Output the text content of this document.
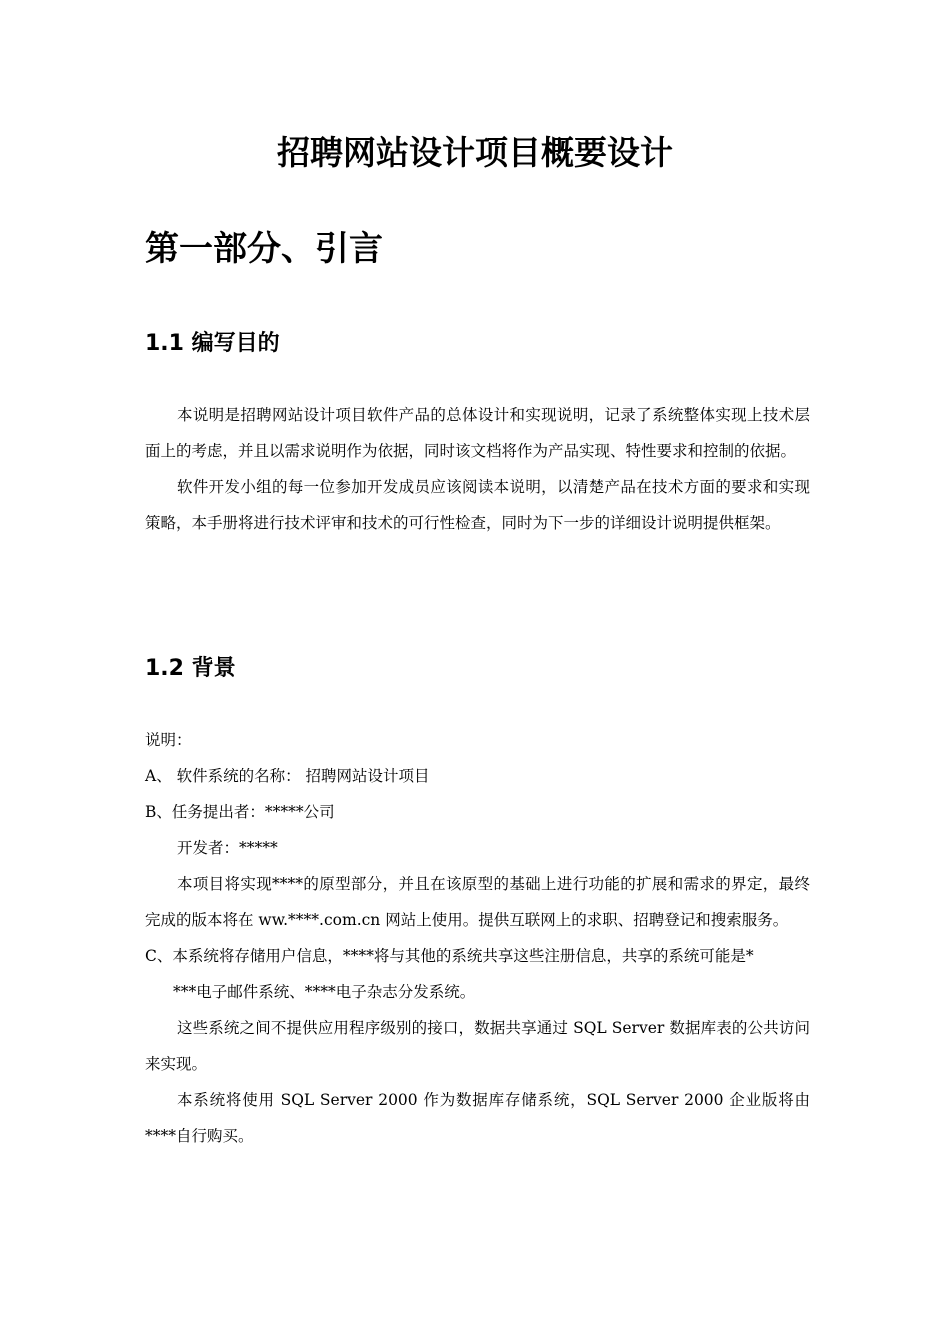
招聘网站设计项目概要设计
第一部分、引言
1.1 编写目的

本说明是招聘网站设计项目软件产品的总体设计和实现说明，记录了系统整体实现上技术层面上的考虑，并且以需求说明作为依据，同时该文档将作为产品实现、特性要求和控制的依据。

软件开发小组的每一位参加开发成员应该阅读本说明，以清楚产品在技术方面的要求和实现策略，本手册将进行技术评审和技术的可行性检查，同时为下一步的详细设计说明提供框架。

1.2 背景

说明：

A、 软件系统的名称： 招聘网站设计项目

B、任务提出者：*****公司

开发者：*****

本项目将实现****的原型部分，并且在该原型的基础上进行功能的扩展和需求的界定，最终完成的版本将在 ww.****.com.cn 网站上使用。提供互联网上的求职、招聘登记和搜索服务。

C、本系统将存储用户信息，****将与其他的系统共享这些注册信息，共享的系统可能是*

***电子邮件系统、****电子杂志分发系统。

这些系统之间不提供应用程序级别的接口，数据共享通过 SQL Server 数据库表的公共访问来实现。

本系统将使用 SQL Server 2000 作为数据库存储系统，SQL Server 2000 企业版将由****自行购买。
